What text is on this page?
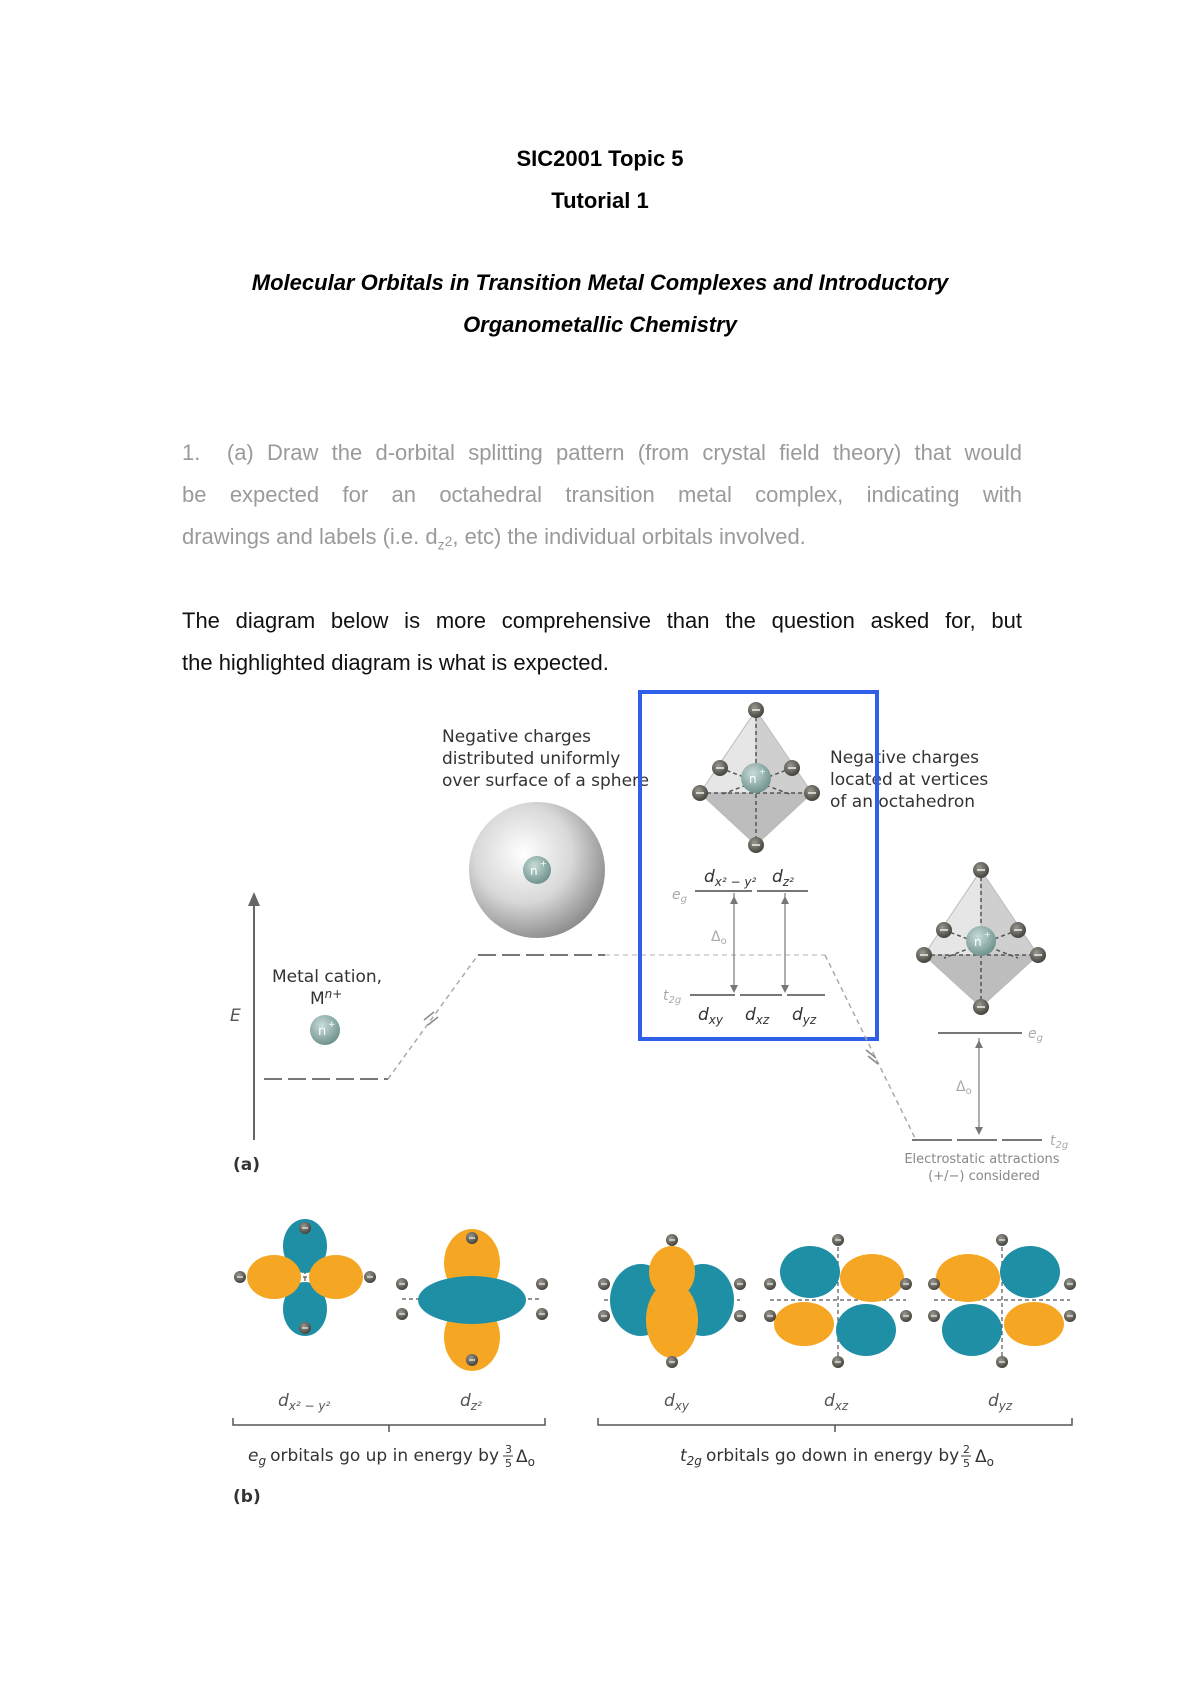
SIC2001 Topic 5
Tutorial 1
Molecular Orbitals in Transition Metal Complexes and Introductory
Organometallic Chemistry
1. (a) Draw the d-orbital splitting pattern (from crystal field theory) that would
be expected for an octahedral transition metal complex, indicating with
drawings and labels (i.e. $d_z2$, etc) the individual orbitals involved.
The diagram below is more comprehensive than the question asked for, but
the highlighted diagram is what is expected.
E
Metal cation,
$M^{n+}$
n +
Negative charges distributed uniformly over surface of a sphere
n
+
n
+
Negative charges located at vertices of an octahedron
$d_{x^2 - y^2}$ $d_{z^2}$
$e_g$
$\Delta_o$
$t_{2g}$
$d_{xy}$ $d_{xz}$ $d_{yz}$
n
+
$e_g$
$\Delta_o$
$t_{2g}$
Electrostatic attractions (+/−) considered
(a)
$d_{x^2 - y^2}$	$d_{z^2}$	$d_{xy}$	$d_{xz}$	$d_{yz}$
$e_g$ orbitals go up in energy by 3
5 $\Delta_o$	$t_{2g}$ orbitals go down in energy by 2
5 $\Delta_o$
(b)
